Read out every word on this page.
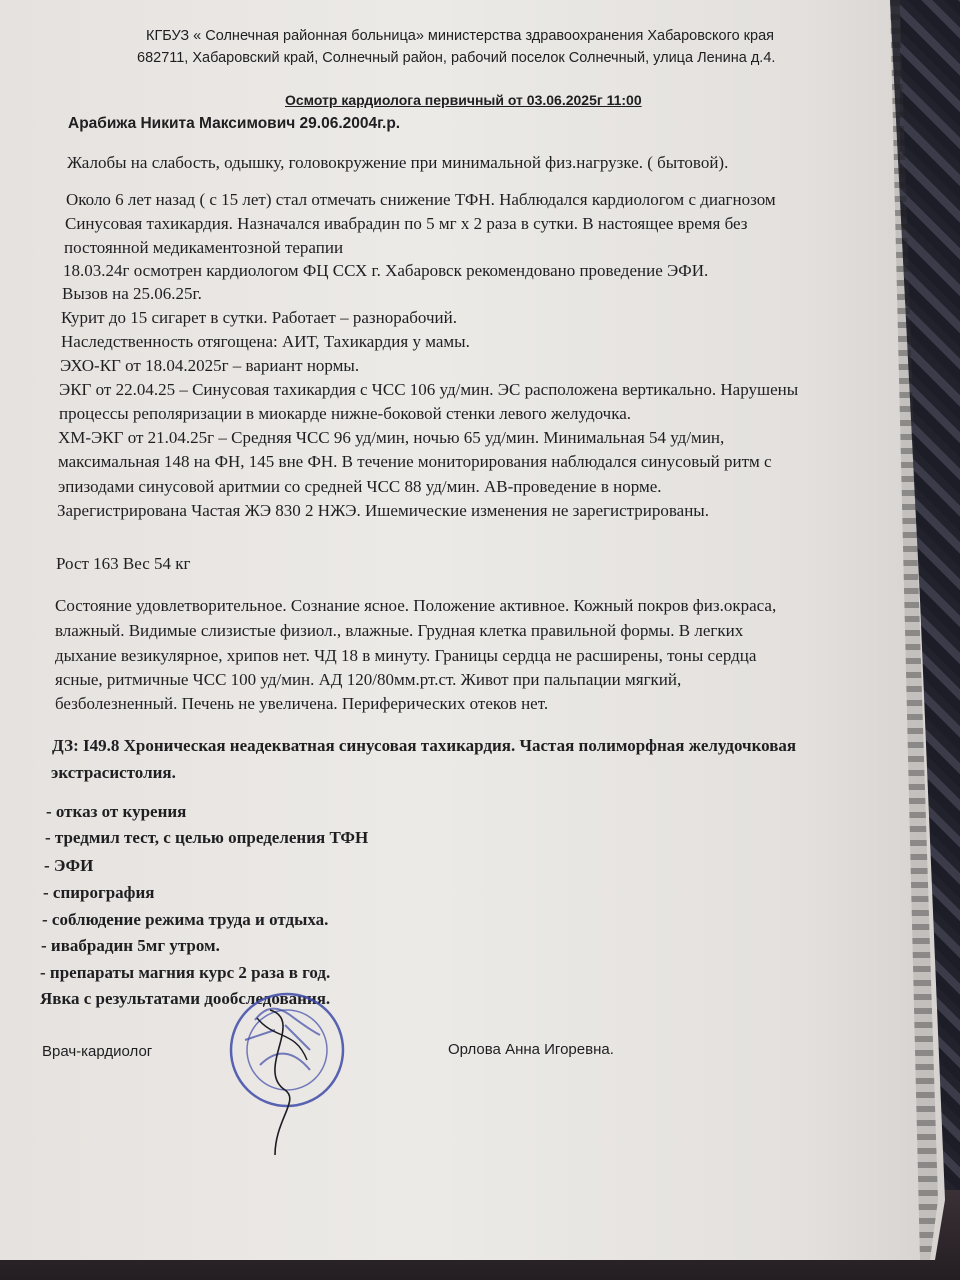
КГБУЗ « Солнечная районная больница» министерства здравоохранения Хабаровского края
682711, Хабаровский край, Солнечный район, рабочий поселок Солнечный, улица Ленина д.4.
Осмотр кардиолога первичный от 03.06.2025г 11:00
Арабижа Никита Максимович 29.06.2004г.р.
Жалобы на слабость, одышку, головокружение при минимальной физ.нагрузке. ( бытовой).
Около 6 лет назад ( с 15 лет) стал отмечать снижение ТФН. Наблюдался кардиологом с диагнозом
Синусовая тахикардия. Назначался ивабрадин по 5 мг х 2 раза в сутки. В настоящее время без
постоянной медикаментозной терапии
18.03.24г осмотрен кардиологом ФЦ ССХ г. Хабаровск рекомендовано проведение ЭФИ.
Вызов на 25.06.25г.
Курит до 15 сигарет в сутки. Работает – разнорабочий.
Наследственность отягощена: АИТ, Тахикардия у мамы.
ЭХО-КГ от 18.04.2025г – вариант нормы.
ЭКГ от 22.04.25 – Синусовая тахикардия с ЧСС 106 уд/мин. ЭС расположена вертикально. Нарушены
процессы реполяризации в миокарде нижне-боковой стенки левого желудочка.
ХМ-ЭКГ от 21.04.25г – Средняя ЧСС 96 уд/мин, ночью 65 уд/мин. Минимальная 54 уд/мин,
максимальная 148 на ФН, 145 вне ФН. В течение мониторирования наблюдался синусовый ритм с
эпизодами синусовой аритмии со средней ЧСС 88 уд/мин. АВ-проведение в норме.
Зарегистрирована Частая ЖЭ 830 2 НЖЭ. Ишемические изменения не зарегистрированы.
Рост 163 Вес 54 кг
Состояние удовлетворительное. Сознание ясное. Положение активное. Кожный покров физ.окраса,
влажный. Видимые слизистые физиол., влажные. Грудная клетка правильной формы. В легких
дыхание везикулярное, хрипов нет. ЧД 18 в минуту. Границы сердца не расширены, тоны сердца
ясные, ритмичные ЧСС 100 уд/мин. АД 120/80мм.рт.ст. Живот при пальпации мягкий,
безболезненный. Печень не увеличена. Периферических отеков нет.
ДЗ: I49.8 Хроническая неадекватная синусовая тахикардия. Частая полиморфная желудочковая
экстрасистолия.
- отказ от курения
- тредмил тест, с целью определения ТФН
- ЭФИ
- спирография
- соблюдение режима труда и отдыха.
- ивабрадин 5мг утром.
- препараты магния курс 2 раза в год.
Явка с результатами дообследования.
Врач-кардиолог	Орлова Анна Игоревна.
